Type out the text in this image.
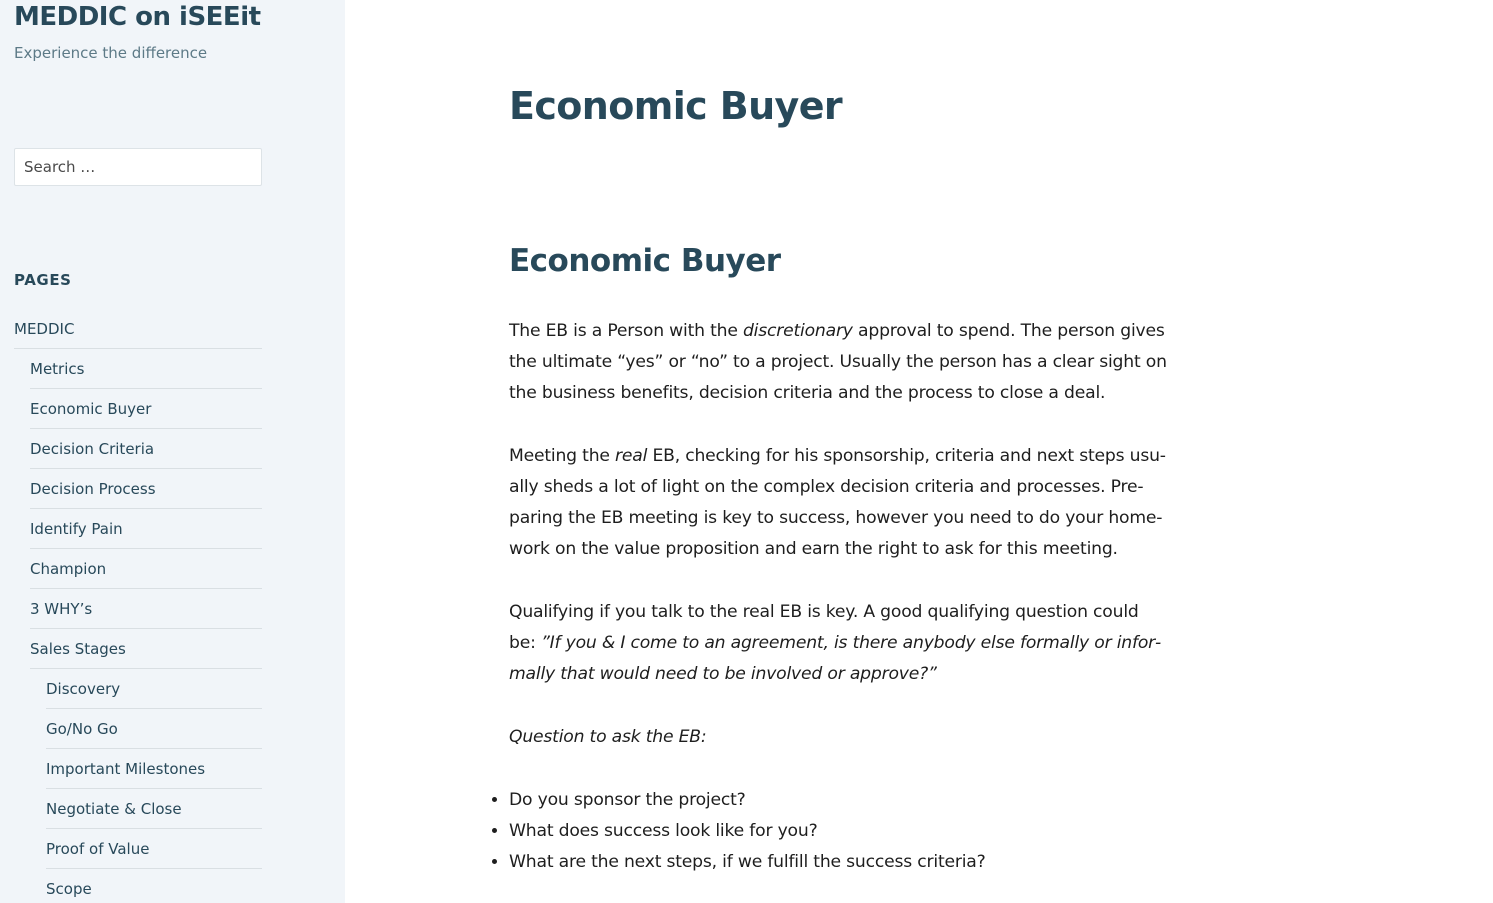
MEDDIC on iSEEit
Experience the difference
Search …
PAGES
MEDDIC
Metrics
Economic Buyer
Decision Criteria
Decision Process
Identify Pain
Champion
3 WHY’s
Sales Stages
Discovery
Go/No Go
Important Milestones
Negotiate & Close
Proof of Value
Scope
Economic Buyer
Economic Buyer

The EB is a Person with the discretionary approval to spend. The person gives the ultimate “yes” or “no” to a project. Usually the person has a clear sight on the business benefits, decision criteria and the process to close a deal.

Meeting the real EB, checking for his sponsorship, criteria and next steps usually sheds a lot of light on the complex decision criteria and processes. Preparing the EB meeting is key to success, however you need to do your homework on the value proposition and earn the right to ask for this meeting.

Qualifying if you talk to the real EB is key. A good qualifying question could be: ”If you & I come to an agreement, is there anybody else formally or informally that would need to be involved or approve?”

Question to ask the EB:

• Do you sponsor the project?
• What does success look like for you?
• What are the next steps, if we fulfill the success criteria?
